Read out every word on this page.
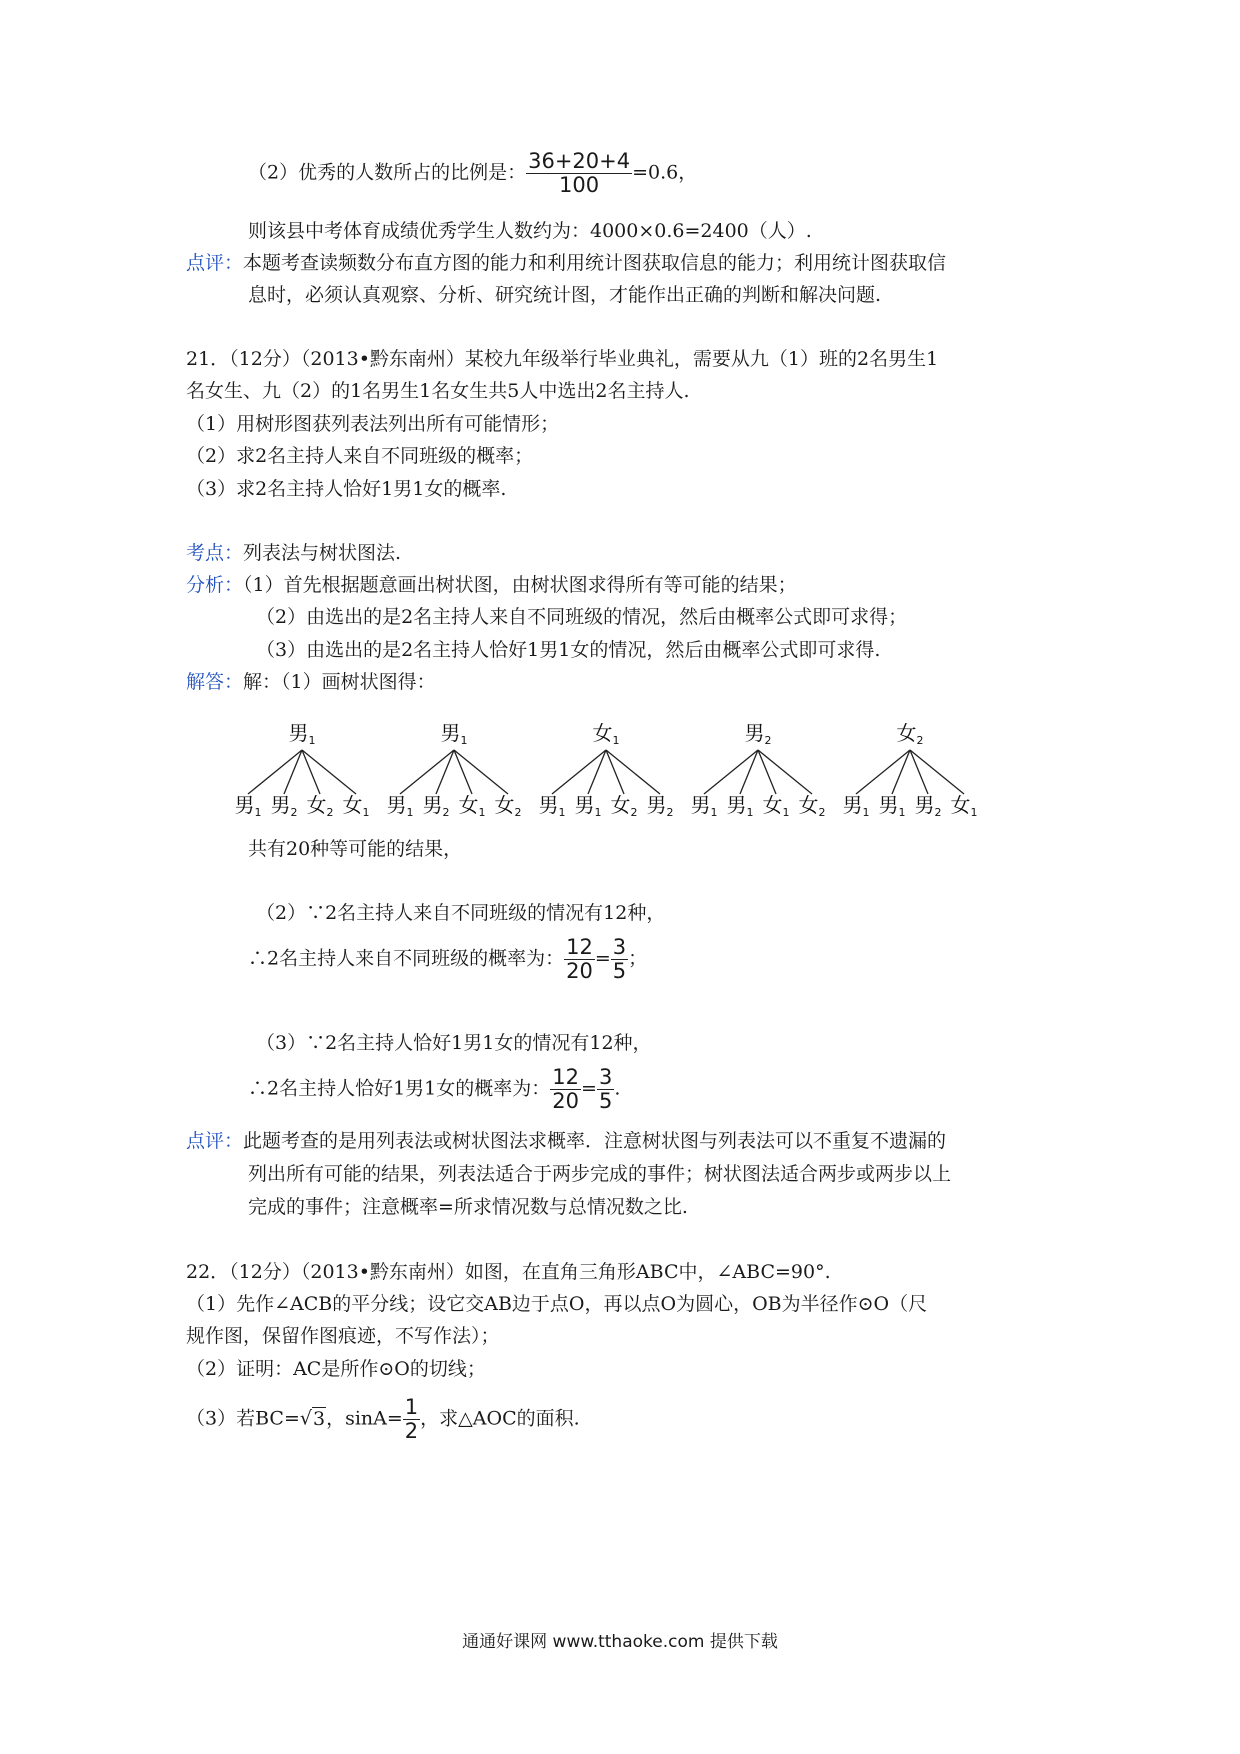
（2）优秀的人数所占的比例是： $\frac{36+20+4}{100} =0.6$，
则该县中考体育成绩优秀学生人数约为：4000×0.6=2400（人）.
点评：本题考查读频数分布直方图的能力和利用统计图获取信息的能力；利用统计图获取信
息时，必须认真观察、分析、研究统计图，才能作出正确的判断和解决问题.
21．（12分）（2013•黔东南州）某校九年级举行毕业典礼，需要从九（1）班的2名男生1
名女生、九（2）的1名男生1名女生共5人中选出2名主持人.
（1）用树形图获列表法列出所有可能情形；
（2）求2名主持人来自不同班级的概率；
（3）求2名主持人恰好1男1女的概率.
考点：列表法与树状图法.
分析：（1）首先根据题意画出树状图，由树状图求得所有等可能的结果；
（2）由选出的是2名主持人来自不同班级的情况，然后由概率公式即可求得；
（3）由选出的是2名主持人恰好1男1女的情况，然后由概率公式即可求得.
解答：解：（1）画树状图得：
男$_1$
男$_1$ 男$_2$ 女$_2$ 女$_1$
男$_1$
男$_1$ 男$_2$ 女$_1$ 女$_2$
女$_1$
男$_1$ 男$_1$ 女$_2$ 男$_2$
男$_2$
男$_1$ 男$_1$ 女$_1$ 女$_2$
女$_2$
男$_1$ 男$_1$ 男$_2$ 女$_1$
共有20种等可能的结果，
（2）∵2名主持人来自不同班级的情况有12种，
∴2名主持人来自不同班级的概率为： $\frac{12}{20} = \frac{3}{5}$ ；
（3）∵2名主持人恰好1男1女的情况有12种，
∴2名主持人恰好1男1女的概率为： $\frac{12}{20} = \frac{3}{5}$ .
点评：此题考查的是用列表法或树状图法求概率．注意树状图与列表法可以不重复不遗漏的
列出所有可能的结果，列表法适合于两步完成的事件；树状图法适合两步或两步以上
完成的事件；注意概率=所求情况数与总情况数之比.
22．（12分）（2013•黔东南州）如图，在直角三角形ABC中，∠ABC=90°.
（1）先作∠ACB的平分线；设它交AB边于点O，再以点O为圆心，OB为半径作⊙O（尺
规作图，保留作图痕迹，不写作法）；
（2）证明：AC是所作⊙O的切线；
（3）若BC=√3，$\sin A= \frac{1}{2}$ ，求△AOC的面积.
通通好课网 www.tthaoke.com 提供下载
